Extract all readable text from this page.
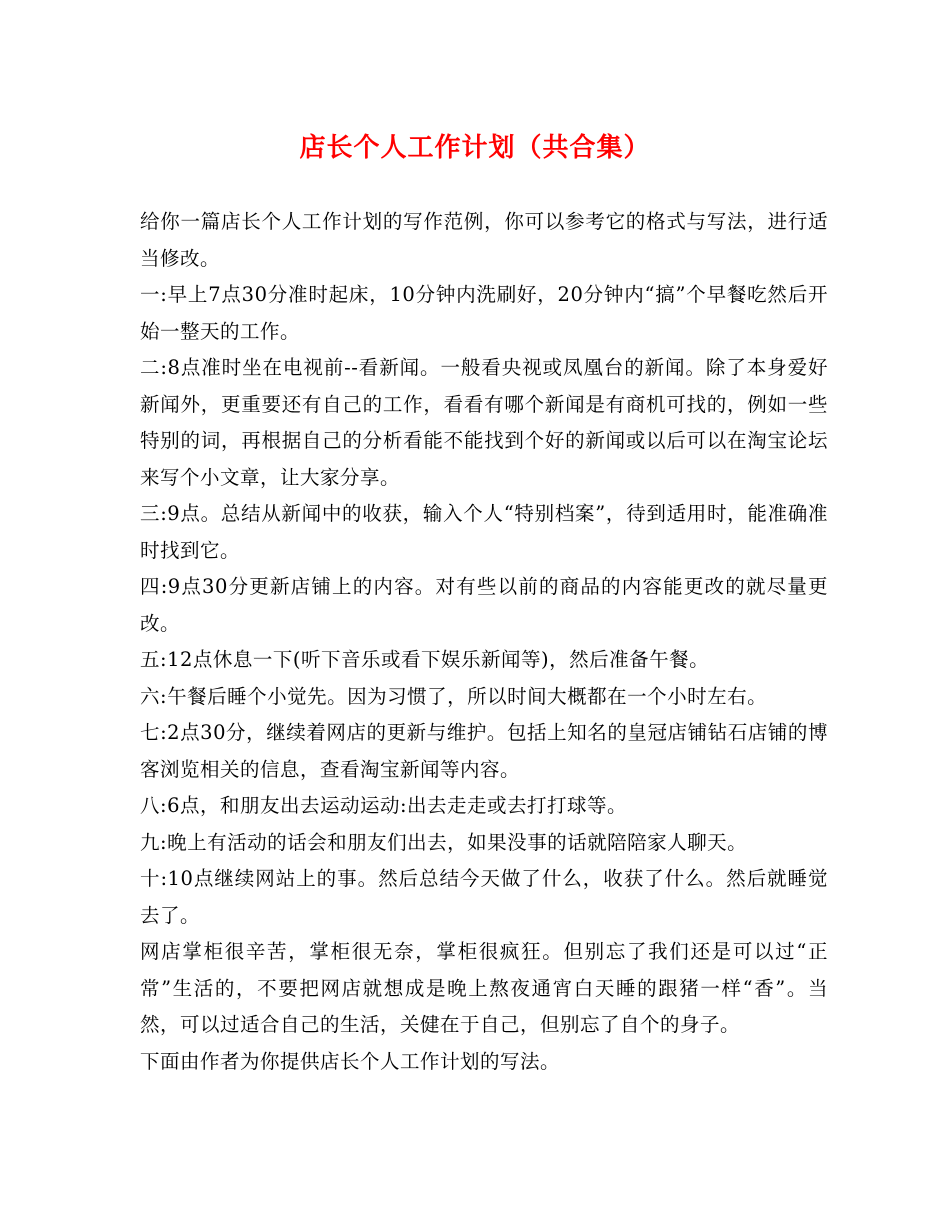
店长个人工作计划（共合集）

给你一篇店长个人工作计划的写作范例，你可以参考它的格式与写法，进行适当修改。

一:早上7点30分准时起床，10分钟内洗刷好，20分钟内“搞”个早餐吃然后开始一整天的工作。

二:8点准时坐在电视前--看新闻。一般看央视或凤凰台的新闻。除了本身爱好新闻外，更重要还有自己的工作，看看有哪个新闻是有商机可找的，例如一些特别的词，再根据自己的分析看能不能找到个好的新闻或以后可以在淘宝论坛来写个小文章，让大家分享。

三:9点。总结从新闻中的收获，输入个人“特别档案”，待到适用时，能准确准时找到它。

四:9点30分更新店铺上的内容。对有些以前的商品的内容能更改的就尽量更改。

五:12点休息一下(听下音乐或看下娱乐新闻等)，然后准备午餐。

六:午餐后睡个小觉先。因为习惯了，所以时间大概都在一个小时左右。

七:2点30分，继续着网店的更新与维护。包括上知名的皇冠店铺钻石店铺的博客浏览相关的信息，查看淘宝新闻等内容。

八:6点，和朋友出去运动运动:出去走走或去打打球等。

九:晚上有活动的话会和朋友们出去，如果没事的话就陪陪家人聊天。

十:10点继续网站上的事。然后总结今天做了什么，收获了什么。然后就睡觉去了。

网店掌柜很辛苦，掌柜很无奈，掌柜很疯狂。但别忘了我们还是可以过“正常”生活的，不要把网店就想成是晚上熬夜通宵白天睡的跟猪一样“香”。当然，可以过适合自己的生活，关健在于自己，但别忘了自个的身子。

下面由作者为你提供店长个人工作计划的写法。
